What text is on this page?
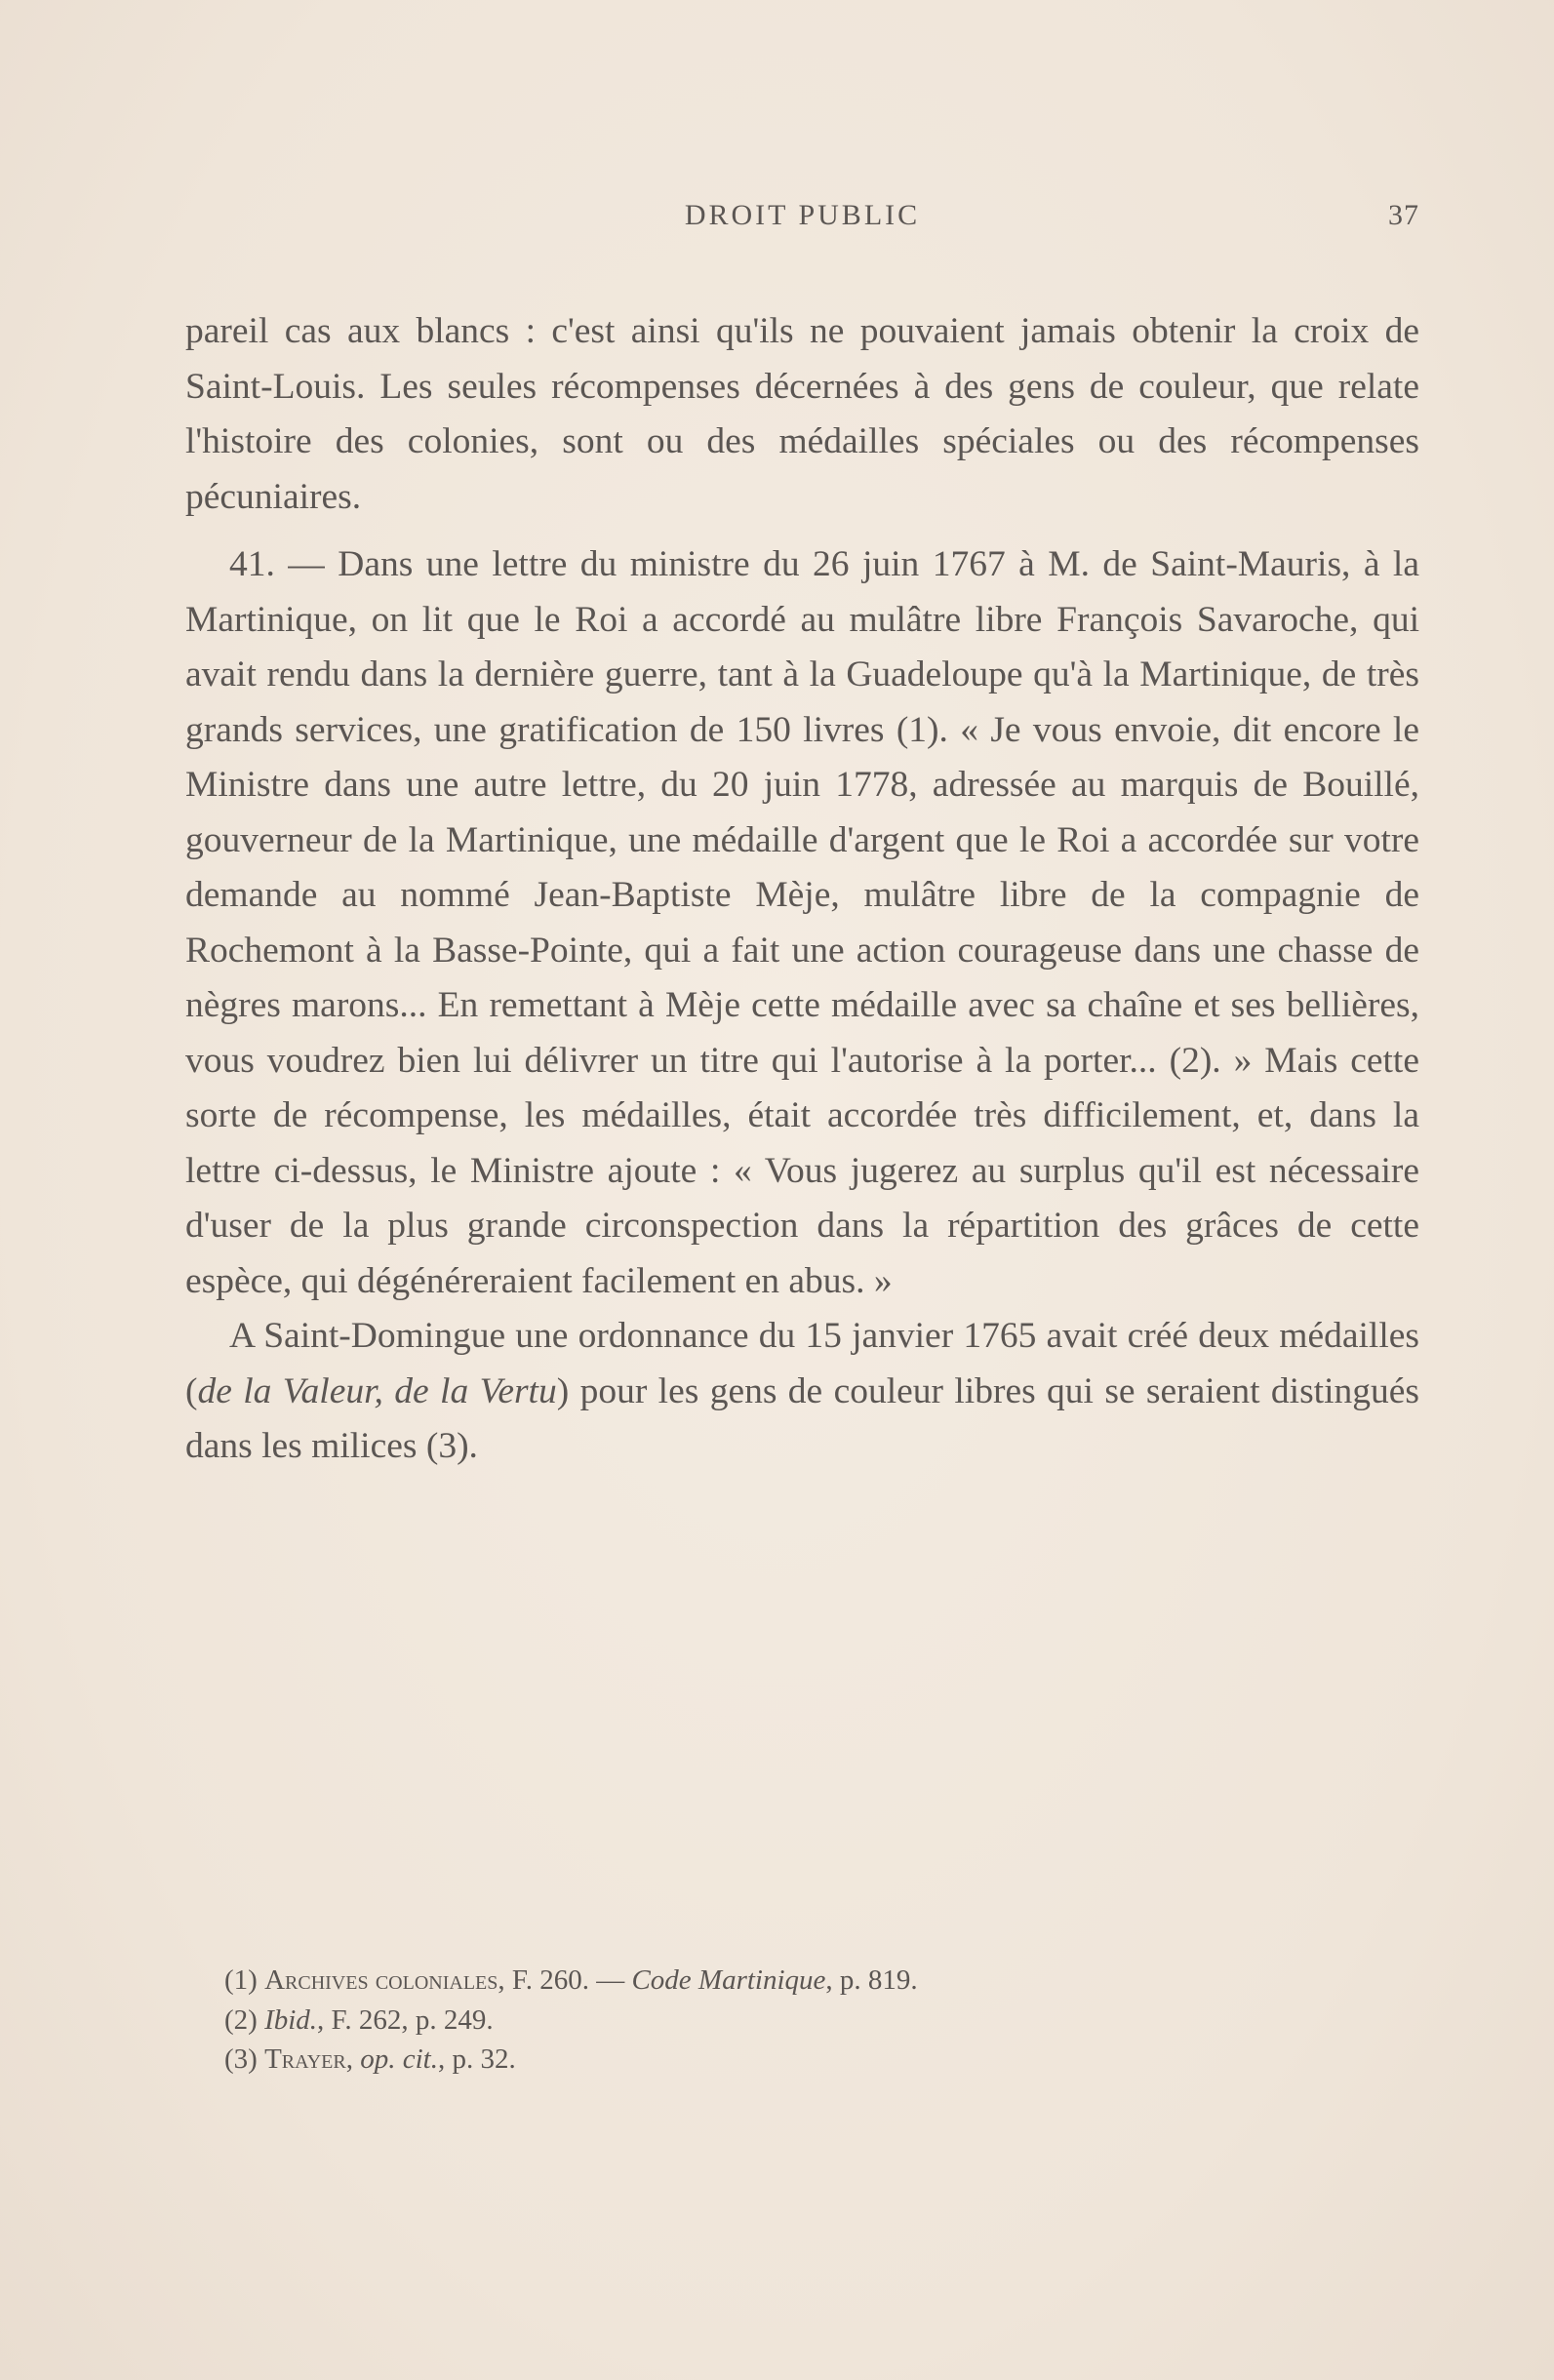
DROIT PUBLIC	37

pareil cas aux blancs : c'est ainsi qu'ils ne pouvaient jamais obtenir la croix de Saint-Louis. Les seules récompenses décernées à des gens de couleur, que relate l'histoire des colonies, sont ou des médailles spéciales ou des récompenses pécuniaires.

41. — Dans une lettre du ministre du 26 juin 1767 à M. de Saint-Mauris, à la Martinique, on lit que le Roi a accordé au mulâtre libre François Savaroche, qui avait rendu dans la dernière guerre, tant à la Guadeloupe qu'à la Martinique, de très grands services, une gratification de 150 livres (1). « Je vous envoie, dit encore le Ministre dans une autre lettre, du 20 juin 1778, adressée au marquis de Bouillé, gouverneur de la Martinique, une médaille d'argent que le Roi a accordée sur votre demande au nommé Jean-Baptiste Mèje, mulâtre libre de la compagnie de Rochemont à la Basse-Pointe, qui a fait une action courageuse dans une chasse de nègres marons... En remettant à Mèje cette médaille avec sa chaîne et ses bellières, vous voudrez bien lui délivrer un titre qui l'autorise à la porter... (2). » Mais cette sorte de récompense, les médailles, était accordée très difficilement, et, dans la lettre ci-dessus, le Ministre ajoute : « Vous jugerez au surplus qu'il est nécessaire d'user de la plus grande circonspection dans la répartition des grâces de cette espèce, qui dégénéreraient facilement en abus. »

A Saint-Domingue une ordonnance du 15 janvier 1765 avait créé deux médailles (de la Valeur, de la Vertu) pour les gens de couleur libres qui se seraient distingués dans les milices (3).

(1) Archives coloniales, F. 260. — Code Martinique, p. 819.
(2) Ibid., F. 262, p. 249.
(3) Trayer, op. cit., p. 32.
